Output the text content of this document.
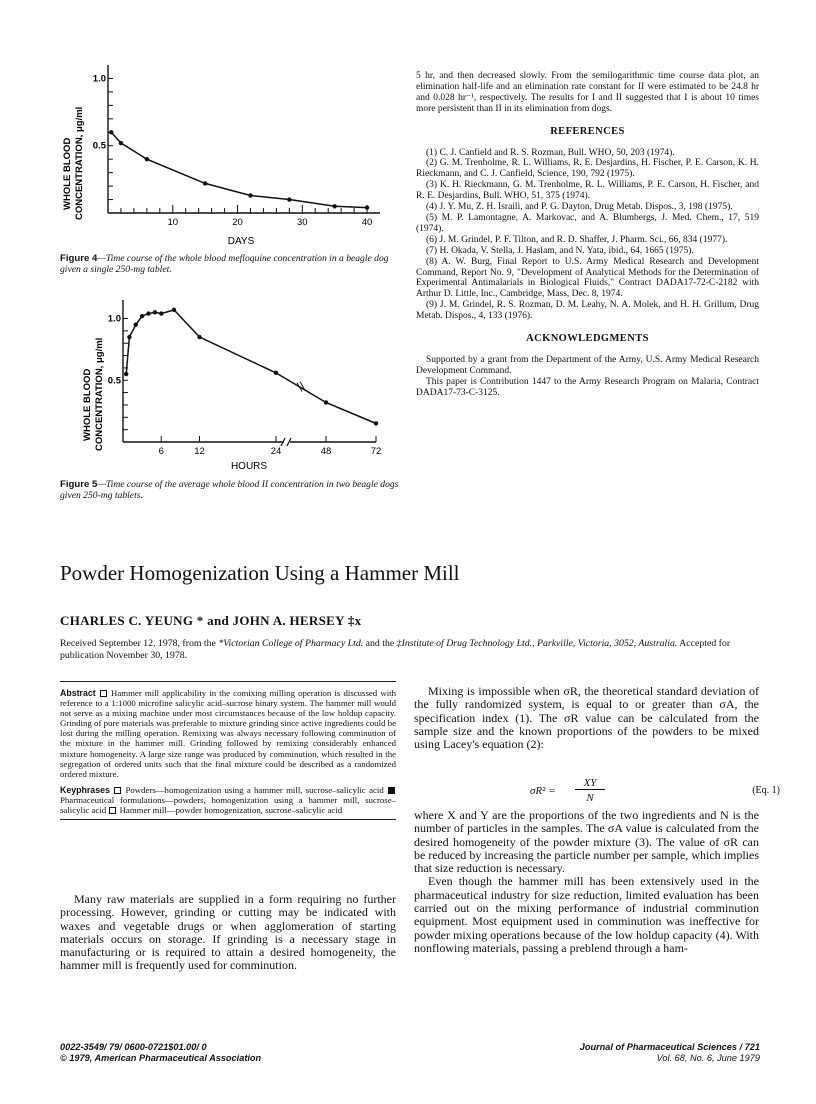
WHOLE BLOOD CONCENTRATION, μg/ml
DAYS
10	20	30	40
0.5
1.0
Figure 4—Time course of the whole blood mefloquine concentration in a beagle dog given a single 250-mg tablet.
WHOLE BLOOD CONCENTRATION, μg/ml
HOURS
6	12	24	48	72
0.5
1.0
Figure 5—Time course of the average whole blood II concentration in two beagle dogs given 250-mg tablets.

5 hr, and then decreased slowly. From the semilogarithmic time course data plot, an elimination half-life and an elimination rate constant for II were estimated to be 24.8 hr and 0.028 hr⁻¹, respectively. The results for I and II suggested that I is about 10 times more persistent than II in its elimination from dogs.

REFERENCES

(1) C. J. Canfield and R. S. Rozman, Bull. WHO, 50, 203 (1974).

(2) G. M. Trenholme, R. L. Williams, R. E. Desjardins, H. Fischer, P. E. Carson, K. H. Rieckmann, and C. J. Canfield, Science, 190, 792 (1975).

(3) K. H. Rieckmann, G. M. Trenholme, R. L. Williams, P. E. Carson, H. Fischer, and R. E. Desjardins, Bull. WHO, 51, 375 (1974).

(4) J. Y. Mu, Z. H. Israili, and P. G. Dayton, Drug Metab. Dispos., 3, 198 (1975).

(5) M. P. Lamontagne, A. Markovac, and A. Blumbergs, J. Med. Chem., 17, 519 (1974).

(6) J. M. Grindel, P. F. Tilton, and R. D. Shaffer, J. Pharm. Sci., 66, 834 (1977).

(7) H. Okada, V. Stella, J. Haslam, and N. Yata, ibid., 64, 1665 (1975).

(8) A. W. Burg, Final Report to U.S. Army Medical Research and Development Command, Report No. 9, "Development of Analytical Methods for the Determination of Experimental Antimalarials in Biological Fluids," Contract DADA17-72-C-2182 with Arthur D. Little, Inc., Cambridge, Mass, Dec. 8, 1974.

(9) J. M. Grindel, R. S. Rozman, D. M. Leahy, N. A. Molek, and H. H. Grillum, Drug Metab. Dispos., 4, 133 (1976).

ACKNOWLEDGMENTS

Supported by a grant from the Department of the Army, U.S. Army Medical Research Development Command.

This paper is Contribution 1447 to the Army Research Program on Malaria, Contract DADA17-73-C-3125.

Powder Homogenization Using a Hammer Mill
CHARLES C. YEUNG * and JOHN A. HERSEY ‡x
Received September 12, 1978, from the *Victorian College of Pharmacy Ltd. and the ‡Institute of Drug Technology Ltd., Parkville, Victoria, 3052, Australia. Accepted for publication November 30, 1978.

Abstract Hammer mill applicability in the comixing milling operation is discussed with reference to a 1:1000 microfine salicylic acid–sucrose binary system. The hammer mill would not serve as a mixing machine under most circumstances because of the low holdup capacity. Grinding of pure materials was preferable to mixture grinding since active ingredients could be lost during the milling operation. Remixing was always necessary following comminution of the mixture in the hammer mill. Grinding followed by remixing considerably enhanced mixture homogeneity. A large size range was produced by comminution, which resulted in the segregation of ordered units such that the final mixture could be described as a randomized ordered mixture.

Keyphrases Powders—homogenization using a hammer mill, sucrose–salicylic acid  Pharmaceutical formulations—powders, homogenization using a hammer mill, sucrose–salicylic acid Hammer mill—powder homogenization, sucrose–salicylic acid

Many raw materials are supplied in a form requiring no further processing. However, grinding or cutting may be indicated with waxes and vegetable drugs or when agglomeration of starting materials occurs on storage. If grinding is a necessary stage in manufacturing or is required to attain a desired homogeneity, the hammer mill is frequently used for comminution.

Mixing is impossible when σR, the theoretical standard deviation of the fully randomized system, is equal to or greater than σA, the specification index (1). The σR value can be calculated from the sample size and the known proportions of the powders to be mixed using Lacey's equation (2):

σR² =
XY
N
(Eq. 1)

where X and Y are the proportions of the two ingredients and N is the number of particles in the samples. The σA value is calculated from the desired homogeneity of the powder mixture (3). The value of σR can be reduced by increasing the particle number per sample, which implies that size reduction is necessary.

Even though the hammer mill has been extensively used in the pharmaceutical industry for size reduction, limited evaluation has been carried out on the mixing performance of industrial comminution equipment. Most equipment used in comminution was ineffective for powder mixing operations because of the low holdup capacity (4). With nonflowing materials, passing a preblend through a ham-

0022-3549/ 79/ 0600-0721$01.00/ 0
© 1979, American Pharmaceutical Association
Journal of Pharmaceutical Sciences / 721
Vol. 68, No. 6, June 1979
